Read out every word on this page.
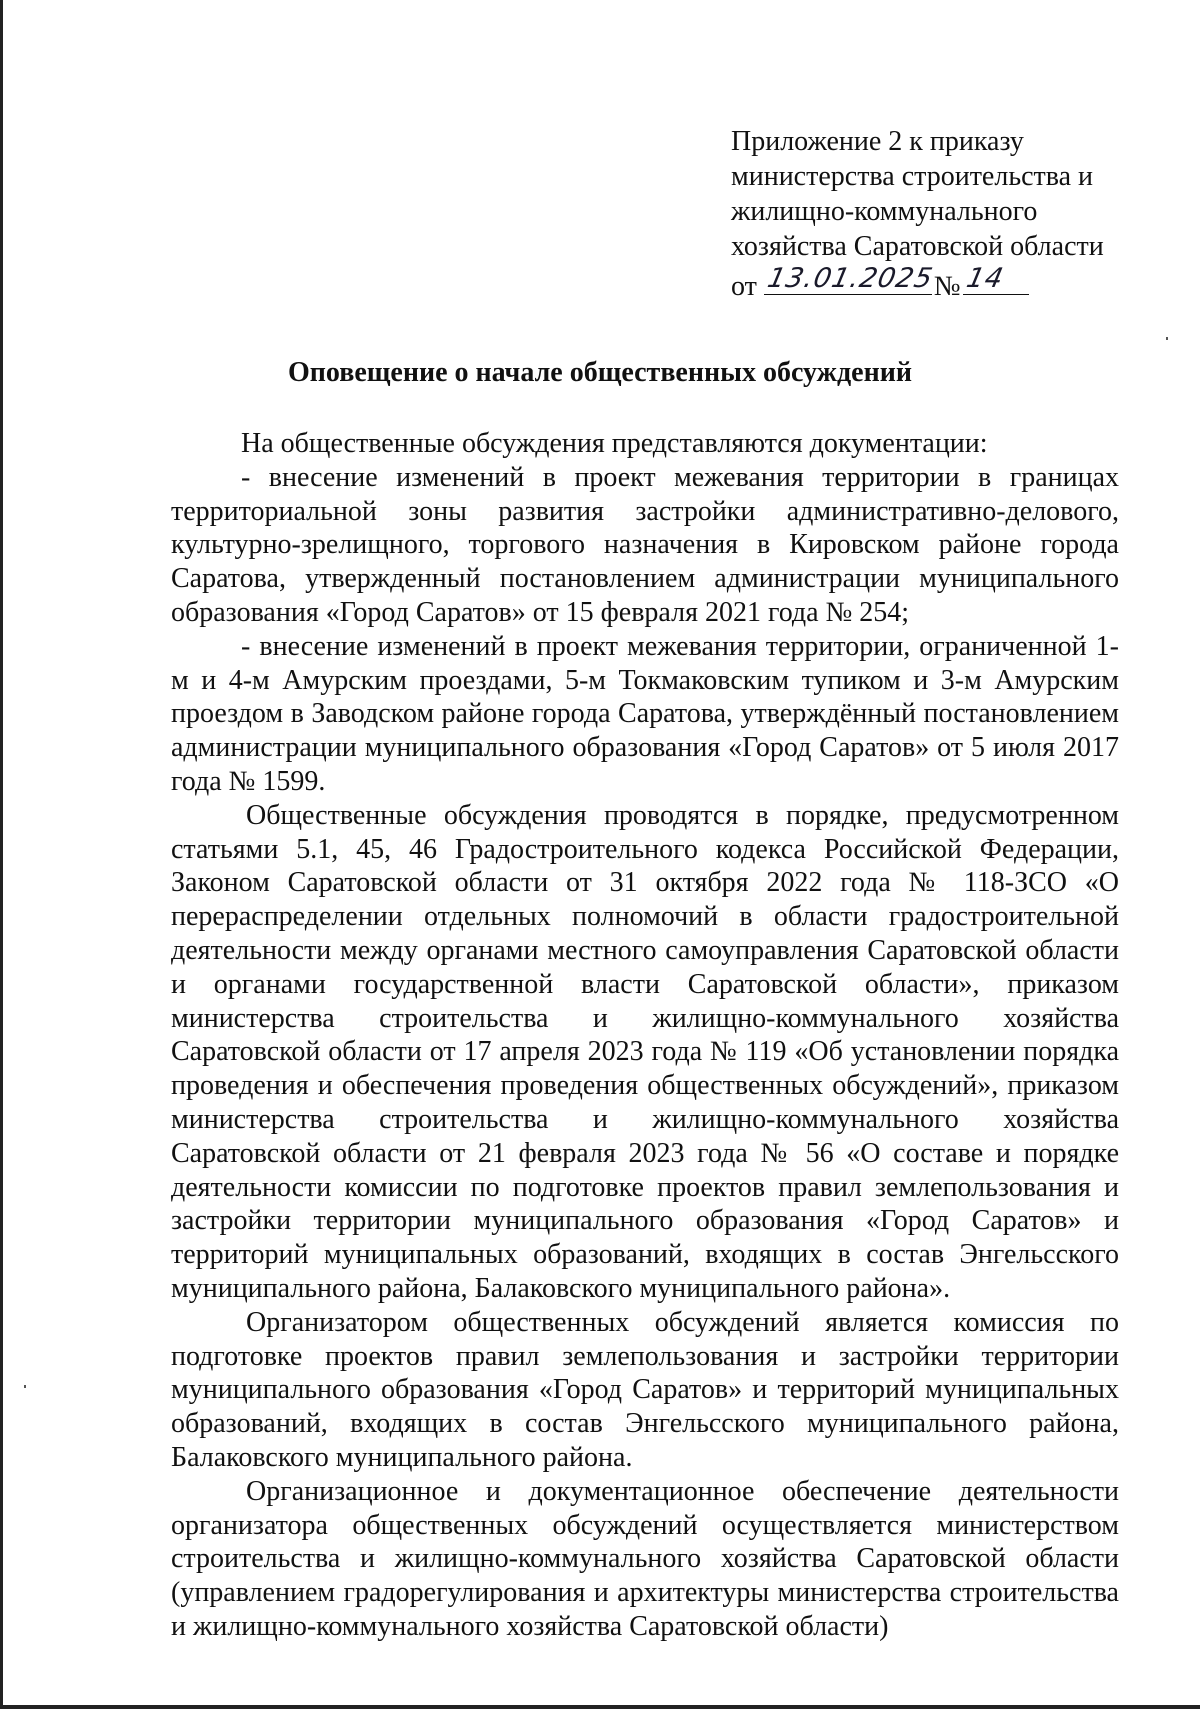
Приложение 2 к приказу
министерства строительства и
жилищно-коммунального
хозяйства Саратовской области
от 13.01.2025
№ 14
Оповещение о начале общественных обсуждений

На общественные обсуждения представляются документации:

- внесение изменений в проект межевания территории в границах территориальной зоны развития застройки административно-делового, культурно-зрелищного, торгового назначения в Кировском районе города Саратова, утвержденный постановлением администрации муниципального образования «Город Саратов» от 15 февраля 2021 года № 254;

- внесение изменений в проект межевания территории, ограниченной 1-м и 4-м Амурским проездами, 5-м Токмаковским тупиком и 3-м Амурским проездом в Заводском районе города Саратова, утверждённый постановлением администрации муниципального образования «Город Саратов» от 5 июля 2017 года № 1599.

Общественные обсуждения проводятся в порядке, предусмотренном статьями 5.1, 45, 46 Градостроительного кодекса Российской Федерации, Законом Саратовской области от 31 октября 2022 года № 118-ЗСО «О перераспределении отдельных полномочий в области градостроительной деятельности между органами местного самоуправления Саратовской области и органами государственной власти Саратовской области», приказом министерства строительства и жилищно-коммунального хозяйства Саратовской области от 17 апреля 2023 года № 119 «Об установлении порядка проведения и обеспечения проведения общественных обсуждений», приказом министерства строительства и жилищно-коммунального хозяйства Саратовской области от 21 февраля 2023 года № 56 «О составе и порядке деятельности комиссии по подготовке проектов правил землепользования и застройки территории муниципального образования «Город Саратов» и территорий муниципальных образований, входящих в состав Энгельсского муниципального района, Балаковского муниципального района».

Организатором общественных обсуждений является комиссия по подготовке проектов правил землепользования и застройки территории муниципального образования «Город Саратов» и территорий муниципальных образований, входящих в состав Энгельсского муниципального района, Балаковского муниципального района.

Организационное и документационное обеспечение деятельности организатора общественных обсуждений осуществляется министерством строительства и жилищно-коммунального хозяйства Саратовской области (управлением градорегулирования и архитектуры министерства строительства и жилищно-коммунального хозяйства Саратовской области)
